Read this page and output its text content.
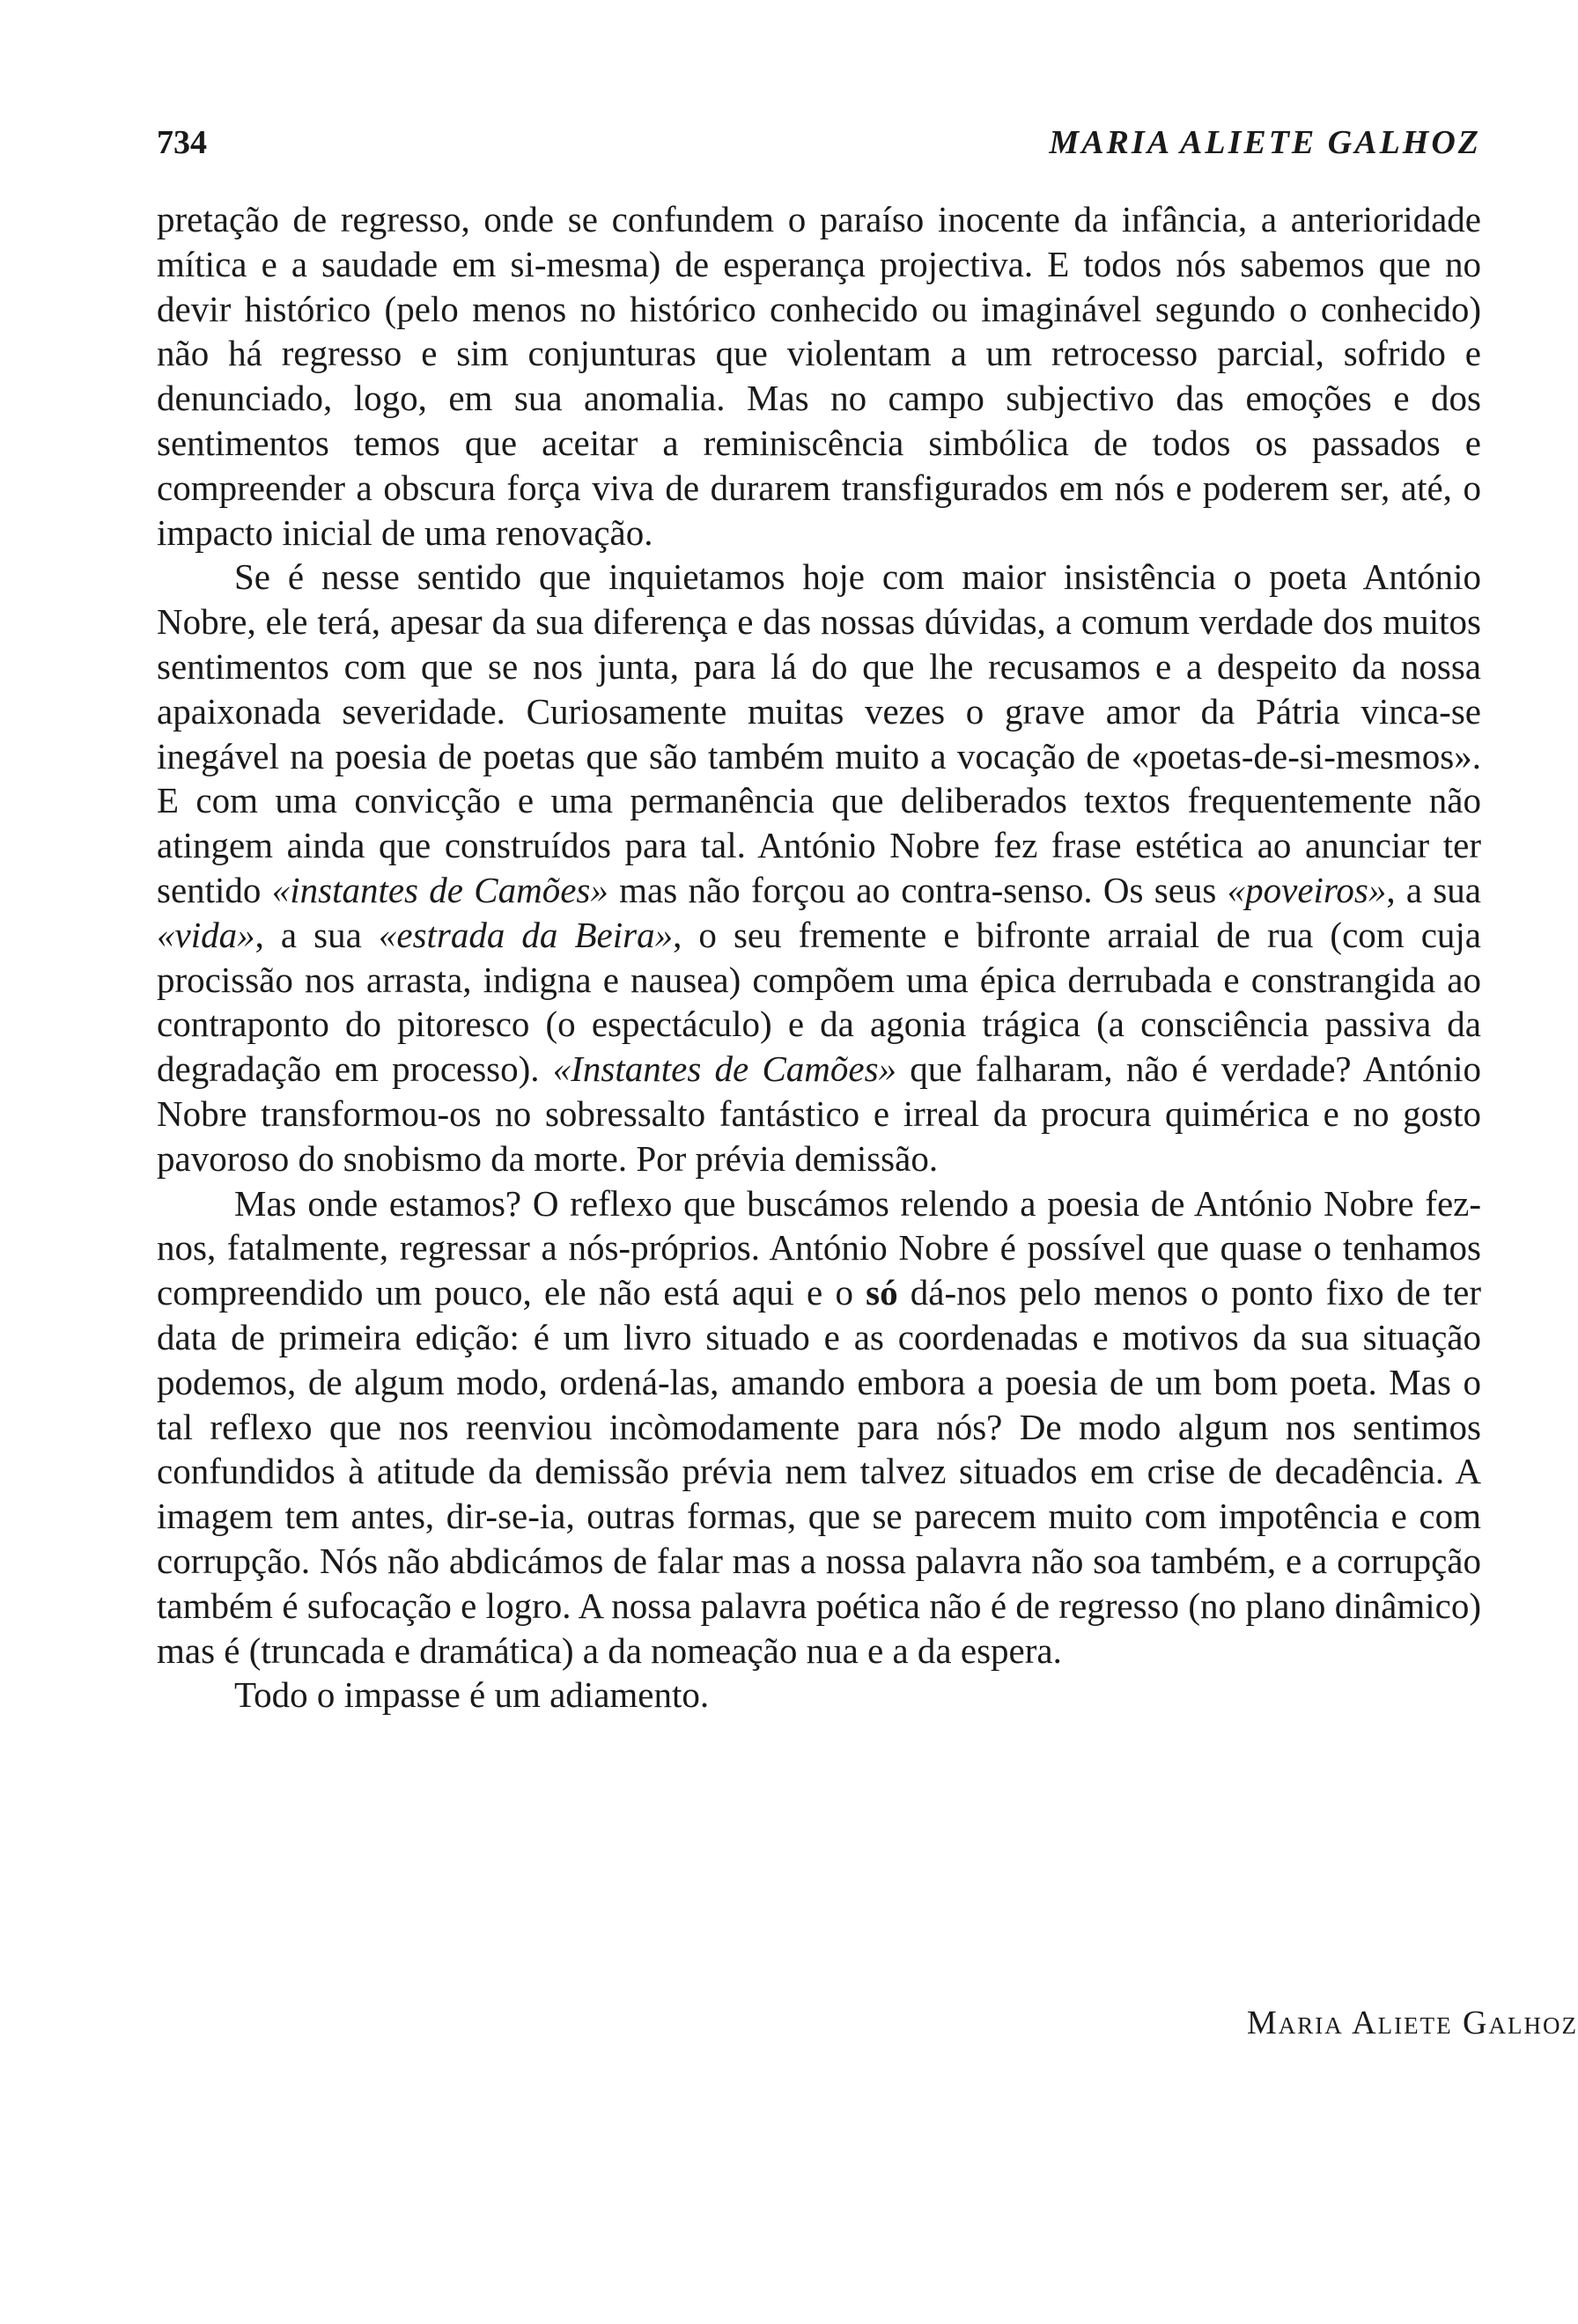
734	MARIA ALIETE GALHOZ

pretação de regresso, onde se confundem o paraíso inocente da infância, a anterioridade mítica e a saudade em si-mesma) de esperança projectiva. E todos nós sabemos que no devir histórico (pelo menos no histórico conhecido ou imaginável segundo o conhecido) não há regresso e sim conjunturas que violentam a um retrocesso parcial, sofrido e denunciado, logo, em sua anomalia. Mas no campo subjectivo das emoções e dos sentimentos temos que aceitar a reminiscência simbólica de todos os passados e compreender a obscura força viva de durarem transfigurados em nós e poderem ser, até, o impacto inicial de uma renovação.

Se é nesse sentido que inquietamos hoje com maior insistência o poeta António Nobre, ele terá, apesar da sua diferença e das nossas dúvidas, a comum verdade dos muitos sentimentos com que se nos junta, para lá do que lhe recusamos e a despeito da nossa apaixonada severidade. Curiosamente muitas vezes o grave amor da Pátria vinca-se inegável na poesia de poetas que são também muito a vocação de «poetas-de-si-mesmos». E com uma convicção e uma permanência que deliberados textos frequentemente não atingem ainda que construídos para tal. António Nobre fez frase estética ao anunciar ter sentido «instantes de Camões» mas não forçou ao contra-senso. Os seus «poveiros», a sua «vida», a sua «estrada da Beira», o seu fremente e bifronte arraial de rua (com cuja procissão nos arrasta, indigna e nausea) compõem uma épica derrubada e constrangida ao contraponto do pitoresco (o espectáculo) e da agonia trágica (a consciência passiva da degradação em processo). «Instantes de Camões» que falharam, não é verdade? António Nobre transformou-os no sobressalto fantástico e irreal da procura quimérica e no gosto pavoroso do snobismo da morte. Por prévia demissão.

Mas onde estamos? O reflexo que buscámos relendo a poesia de António Nobre fez-nos, fatalmente, regressar a nós-próprios. António Nobre é possível que quase o tenhamos compreendido um pouco, ele não está aqui e o só dá-nos pelo menos o ponto fixo de ter data de primeira edição: é um livro situado e as coordenadas e motivos da sua situação podemos, de algum modo, ordená-las, amando embora a poesia de um bom poeta. Mas o tal reflexo que nos reenviou incòmodamente para nós? De modo algum nos sentimos confundidos à atitude da demissão prévia nem talvez situados em crise de decadência. A imagem tem antes, dir-se-ia, outras formas, que se parecem muito com impotência e com corrupção. Nós não abdicámos de falar mas a nossa palavra não soa também, e a corrupção também é sufocação e logro. A nossa palavra poética não é de regresso (no plano dinâmico) mas é (truncada e dramática) a da nomeação nua e a da espera.

Todo o impasse é um adiamento.

Maria Aliete Galhoz
